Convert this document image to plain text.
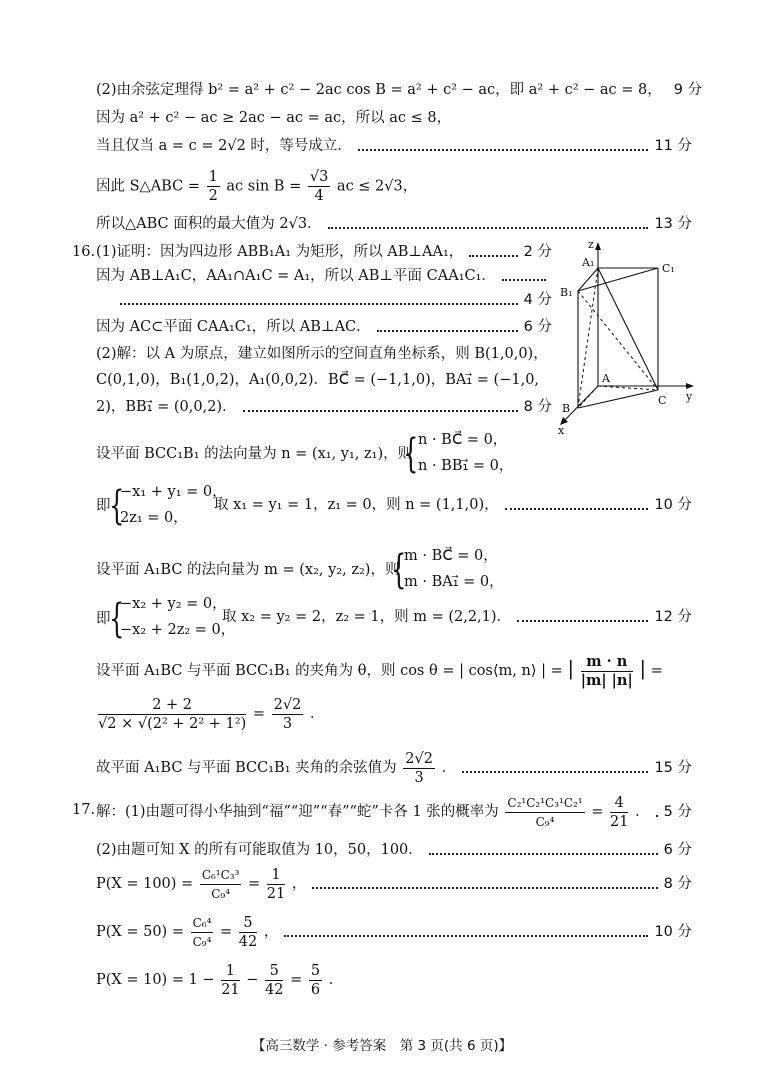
(2)由余弦定理得 b² = a² + c² − 2ac cos B = a² + c² − ac，即 a² + c² − ac = 8， 9 分
因为 a² + c² − ac ≥ 2ac − ac = ac，所以 ac ≤ 8，
当且仅当 a = c = 2√2 时，等号成立．	11 分
因此 S△ABC = $\frac{1}{2}$ ac $\sin B = \frac{√3}{4}$ ac ≤ 2√3，
所以△ABC 面积的最大值为 2√3．	13 分
16. (1)证明：因为四边形 ABB₁A₁ 为矩形，所以 AB⊥AA₁，	2 分
因为 AB⊥A₁C，AA₁∩A₁C = A₁，所以 AB⊥平面 CAA₁C₁．
4 分
因为 AC⊂平面 CAA₁C₁，所以 AB⊥AC．	6 分
(2)解：以 A 为原点，建立如图所示的空间直角坐标系，则 B(1,0,0)，
C(0,1,0)，B₁(1,0,2)，A₁(0,0,2)．BC⃗ = (−1,1,0)，BA₁⃗ = (−1,0,
2)，BB₁⃗ = (0,0,2)．	8 分
z
A₁	C₁
B₁
A
B
C y
x
设平面 BCC₁B₁ 的法向量为 n = (x₁, y₁, z₁)，则
{ n · BC⃗ = 0，
n · BB₁⃗ = 0，
即
{
−x₁ + y₁ = 0，
2z₁ = 0，
取 x₁ = y₁ = 1，z₁ = 0，则 n = (1,1,0)，	10 分
设平面 A₁BC 的法向量为 m = (x₂, y₂, z₂)，则
{
m · BC⃗ = 0，
m · BA₁⃗ = 0，
即
{
−x₂ + y₂ = 0，
−x₂ + 2z₂ = 0，
取 x₂ = y₂ = 2，z₂ = 1，则 m = (2,2,1)．	12 分
设平面 A₁BC 与平面 BCC₁B₁ 的夹角为 θ，则 cos θ = | cos⟨m, n⟩ | = | $\frac{m \cdot n}{|m| |n|}$ | =
$\frac{2 + 2}{\text{√2 × √(2² + 2² + 1²)}} = \frac{2√2}{3}$ ．
故平面 A₁BC 与平面 BCC₁B₁ 夹角的余弦值为 $\frac{2√2}{3}$ ．	15 分
17. 解：(1)由题可得小华抽到“福”“迎”“春”“蛇”卡各 1 张的概率为 $\frac{\text{C₂¹C₂¹C₃¹C₂¹}}{\text{C₉⁴}} = \frac{4}{21}$ ． 5 分
(2)由题可知 X 的所有可能取值为 10，50，100．	6 分
$P(X = 100) = \frac{\text{C₆¹C₃³}}{\text{C₉⁴}} = \frac{1}{21}$ ，	8 分
$P(X = 50) = \frac{\text{C₆⁴}}{\text{C₉⁴}} = \frac{5}{42}$ ，	10 分
$P(X = 10) = 1 - \frac{1}{21} - \frac{5}{42} = \frac{5}{6}$ ．
【高三数学 · 参考答案　第 3 页(共 6 页)】
